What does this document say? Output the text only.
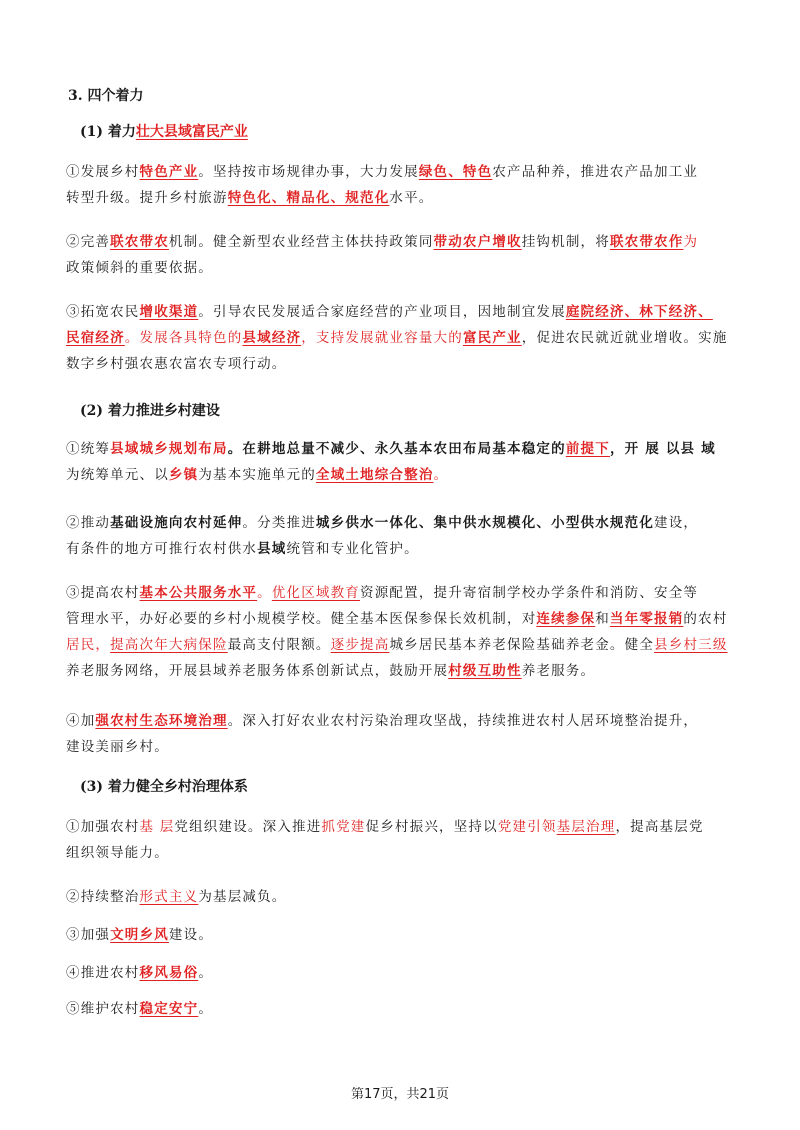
3. 四个着力
(1) 着力壮大县域富民产业
①发展乡村特色产业。坚持按市场规律办事，大力发展绿色、特色农产品种养，推进农产品加工业
转型升级。提升乡村旅游特色化、精品化、规范化水平。
②完善联农带农机制。健全新型农业经营主体扶持政策同带动农户增收挂钩机制，将联农带农作为
政策倾斜的重要依据。
③拓宽农民增收渠道。引导农民发展适合家庭经营的产业项目，因地制宜发展庭院经济、林下经济、
民宿经济。发展各具特色的县域经济，支持发展就业容量大的富民产业，促进农民就近就业增收。实施
数字乡村强农惠农富农专项行动。
(2) 着力推进乡村建设
①统筹县域城乡规划布局。在耕地总量不减少、永久基本农田布局基本稳定的前提下，开 展 以县 域
为统筹单元、以乡镇为基本实施单元的全域土地综合整治。
②推动基础设施向农村延伸。分类推进城乡供水一体化、集中供水规模化、小型供水规范化建设，
有条件的地方可推行农村供水县域统管和专业化管护。
③提高农村基本公共服务水平。优化区域教育资源配置，提升寄宿制学校办学条件和消防、安全等
管理水平，办好必要的乡村小规模学校。健全基本医保参保长效机制，对连续参保和当年零报销的农村
居民，提高次年大病保险最高支付限额。逐步提高城乡居民基本养老保险基础养老金。健全县乡村三级
养老服务网络，开展县域养老服务体系创新试点，鼓励开展村级互助性养老服务。
④加强农村生态环境治理。深入打好农业农村污染治理攻坚战，持续推进农村人居环境整治提升，
建设美丽乡村。
(3) 着力健全乡村治理体系
①加强农村基 层党组织建设。深入推进抓党建促乡村振兴，坚持以党建引领基层治理，提高基层党
组织领导能力。
②持续整治形式主义为基层减负。
③加强文明乡风建设。
④推进农村移风易俗。
⑤维护农村稳定安宁。
第17页，共21页
